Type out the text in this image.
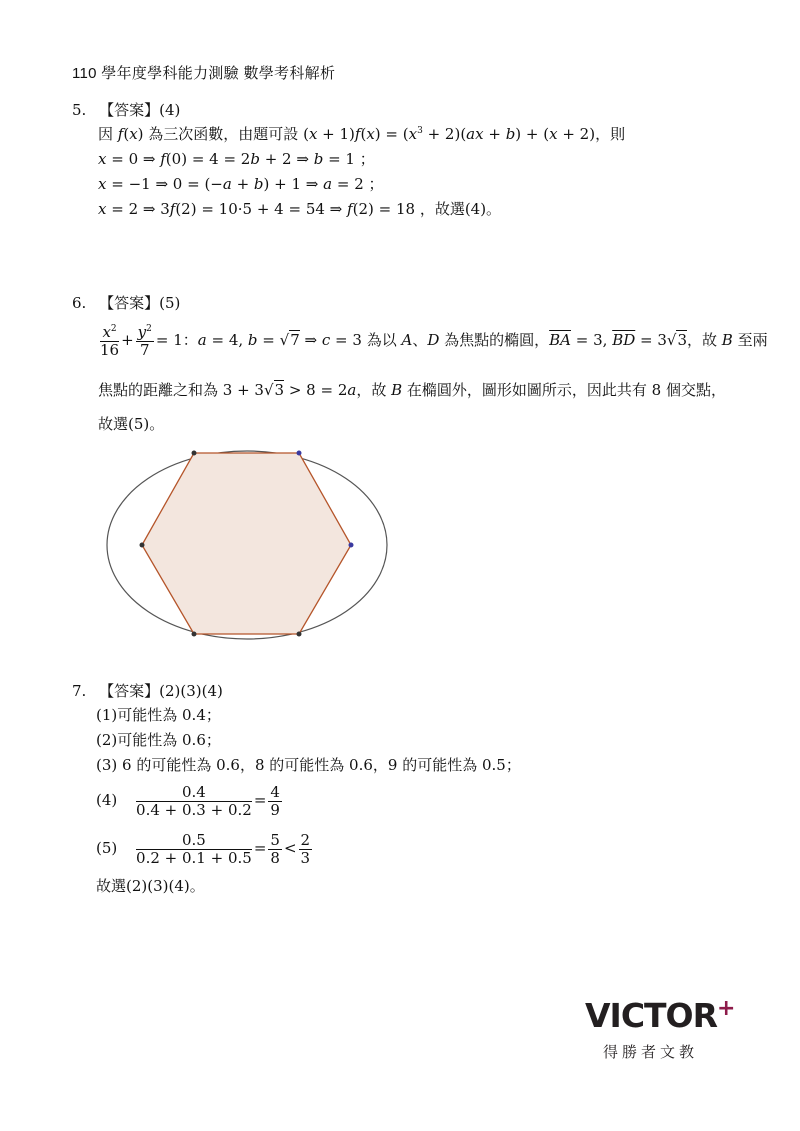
110 學年度學科能力測驗 數學考科解析
5. 【答案】(4)
因 f(x) 為三次函數，由題可設 $(x + 1)f(x) = (x^3 + 2)(ax + b) + (x + 2)$，則
x = 0 ⇒ f(0) = 4 = 2b + 2 ⇒ b = 1 ；
x = −1 ⇒ 0 = (−a + b) + 1 ⇒ a = 2 ；
x = 2 ⇒ 3f(2) = 10·5 + 4 = 54 ⇒ f(2) = 18 ，故選(4)。
6. 【答案】(5)
$\frac{x^2}{16} + \frac{y^2}{7} = 1$：a = 4, b = √7 ⇒ c = 3 為以 A、D 為焦點的橢圓，$\overline{BA} = 3$, $\overline{BD} = 3√3$，故 B 至兩
焦點的距離之和為 3 + 3√3 > 8 = 2a，故 B 在橢圓外，圖形如圖所示，因此共有 8 個交點，
故選(5)。
7. 【答案】(2)(3)(4)
(1)可能性為 0.4；
(2)可能性為 0.6；
(3) 6 的可能性為 0.6，8 的可能性為 0.6，9 的可能性為 0.5；
$(4) \frac{0.4}{0.4 + 0.3 + 0.2} = \frac{4}{9}$
$(5) \frac{0.5}{0.2 + 0.1 + 0.5} = \frac{5}{8} < \frac{2}{3}$
故選(2)(3)(4)。
VICTOR+
得勝者文教
